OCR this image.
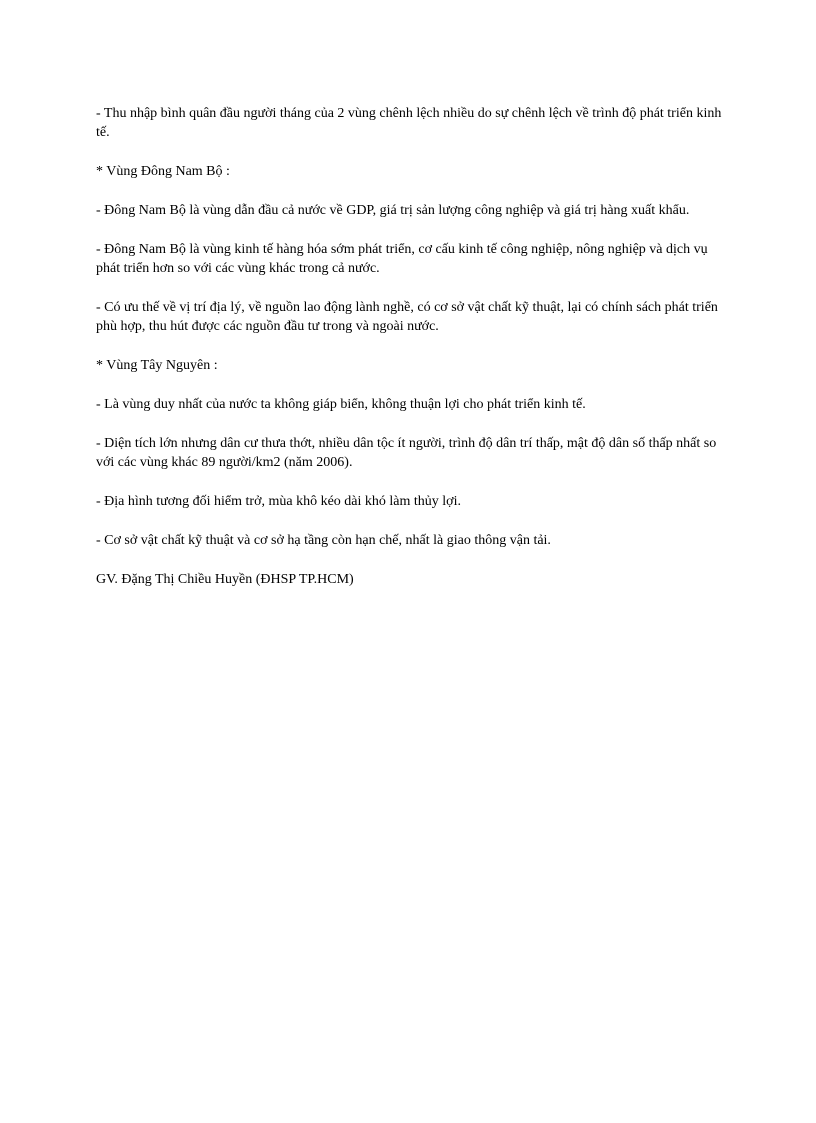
- Thu nhập bình quân đầu người tháng của 2 vùng chênh lệch nhiều do sự chênh lệch về trình độ phát triển kinh tế.

* Vùng Đông Nam Bộ :

- Đông Nam Bộ là vùng dẫn đầu cả nước về GDP, giá trị sản lượng công nghiệp và giá trị hàng xuất khẩu.

- Đông Nam Bộ là vùng kinh tế hàng hóa sớm phát triển, cơ cấu kinh tế công nghiệp, nông nghiệp và dịch vụ phát triển hơn so với các vùng khác trong cả nước.

- Có ưu thế về vị trí địa lý, về nguồn lao động lành nghề, có cơ sở vật chất kỹ thuật, lại có chính sách phát triển phù hợp, thu hút được các nguồn đầu tư trong và ngoài nước.

* Vùng Tây Nguyên :

- Là vùng duy nhất của nước ta không giáp biển, không thuận lợi cho phát triển kinh tế.

- Diện tích lớn nhưng dân cư thưa thớt, nhiều dân tộc ít người, trình độ dân trí thấp, mật độ dân số thấp nhất so với các vùng khác 89 người/km2 (năm 2006).

- Địa hình tương đối hiểm trở, mùa khô kéo dài khó làm thủy lợi.

- Cơ sở vật chất kỹ thuật và cơ sở hạ tầng còn hạn chế, nhất là giao thông vận tải.

GV. Đặng Thị Chiều Huyền (ĐHSP TP.HCM)
